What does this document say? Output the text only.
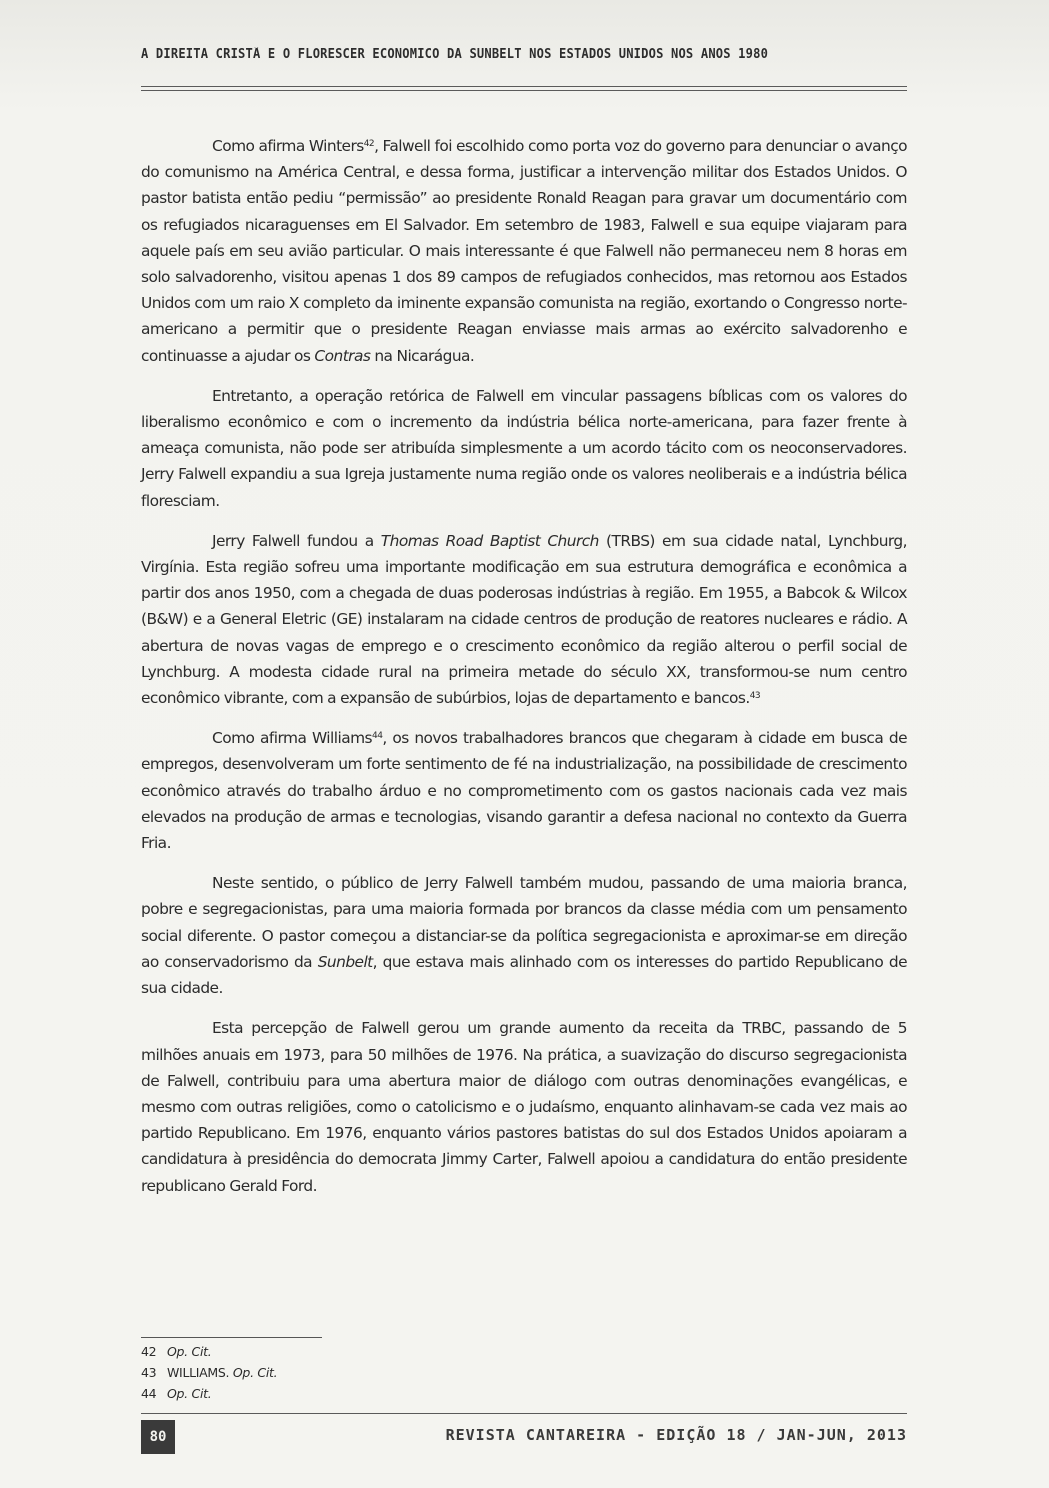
A DIREITA CRISTÃ E O FLORESCER ECONÔMICO DA SUNBELT NOS ESTADOS UNIDOS NOS ANOS 1980

Como afirma Winters$^{42}$, Falwell foi escolhido como porta voz do governo para denunciar o avanço do comunismo na América Central, e dessa forma, justificar a intervenção militar dos Estados Unidos. O pastor batista então pediu “permissão” ao presidente Ronald Reagan para gravar um documentário com os refugiados nicaraguenses em El Salvador. Em setembro de 1983, Falwell e sua equipe viajaram para aquele país em seu avião particular. O mais interessante é que Falwell não permaneceu nem 8 horas em solo salvadorenho, visitou apenas 1 dos 89 campos de refugiados conhecidos, mas retornou aos Estados Unidos com um raio X completo da iminente expansão comunista na região, exortando o Congresso norte-americano a permitir que o presidente Reagan enviasse mais armas ao exército salvadorenho e continuasse a ajudar os Contras na Nicarágua.

Entretanto, a operação retórica de Falwell em vincular passagens bíblicas com os valores do liberalismo econômico e com o incremento da indústria bélica norte-americana, para fazer frente à ameaça comunista, não pode ser atribuída simplesmente a um acordo tácito com os neoconservadores. Jerry Falwell expandiu a sua Igreja justamente numa região onde os valores neoliberais e a indústria bélica floresciam.

Jerry Falwell fundou a Thomas Road Baptist Church (TRBS) em sua cidade natal, Lynchburg, Virgínia. Esta região sofreu uma importante modificação em sua estrutura demográfica e econômica a partir dos anos 1950, com a chegada de duas poderosas indústrias à região. Em 1955, a Babcok & Wilcox (B&W) e a General Eletric (GE) instalaram na cidade centros de produção de reatores nucleares e rádio. A abertura de novas vagas de emprego e o crescimento econômico da região alterou o perfil social de Lynchburg. A modesta cidade rural na primeira metade do século XX, transformou-se num centro econômico vibrante, com a expansão de subúrbios, lojas de departamento e bancos.$^{43}$

Como afirma Williams$^{44}$, os novos trabalhadores brancos que chegaram à cidade em busca de empregos, desenvolveram um forte sentimento de fé na industrialização, na possibilidade de crescimento econômico através do trabalho árduo e no comprometimento com os gastos nacionais cada vez mais elevados na produção de armas e tecnologias, visando garantir a defesa nacional no contexto da Guerra Fria.

Neste sentido, o público de Jerry Falwell também mudou, passando de uma maioria branca, pobre e segregacionistas, para uma maioria formada por brancos da classe média com um pensamento social diferente. O pastor começou a distanciar-se da política segregacionista e aproximar-se em direção ao conservadorismo da Sunbelt, que estava mais alinhado com os interesses do partido Republicano de sua cidade.

Esta percepção de Falwell gerou um grande aumento da receita da TRBC, passando de 5 milhões anuais em 1973, para 50 milhões de 1976. Na prática, a suavização do discurso segregacionista de Falwell, contribuiu para uma abertura maior de diálogo com outras denominações evangélicas, e mesmo com outras religiões, como o catolicismo e o judaísmo, enquanto alinhavam-se cada vez mais ao partido Republicano. Em 1976, enquanto vários pastores batistas do sul dos Estados Unidos apoiaram a candidatura à presidência do democrata Jimmy Carter, Falwell apoiou a candidatura do então presidente republicano Gerald Ford.

42 Op. Cit.
43 WILLIAMS. Op. Cit.
44 Op. Cit.
80	REVISTA CANTAREIRA - EDIÇÃO 18 / JAN-JUN, 2013
